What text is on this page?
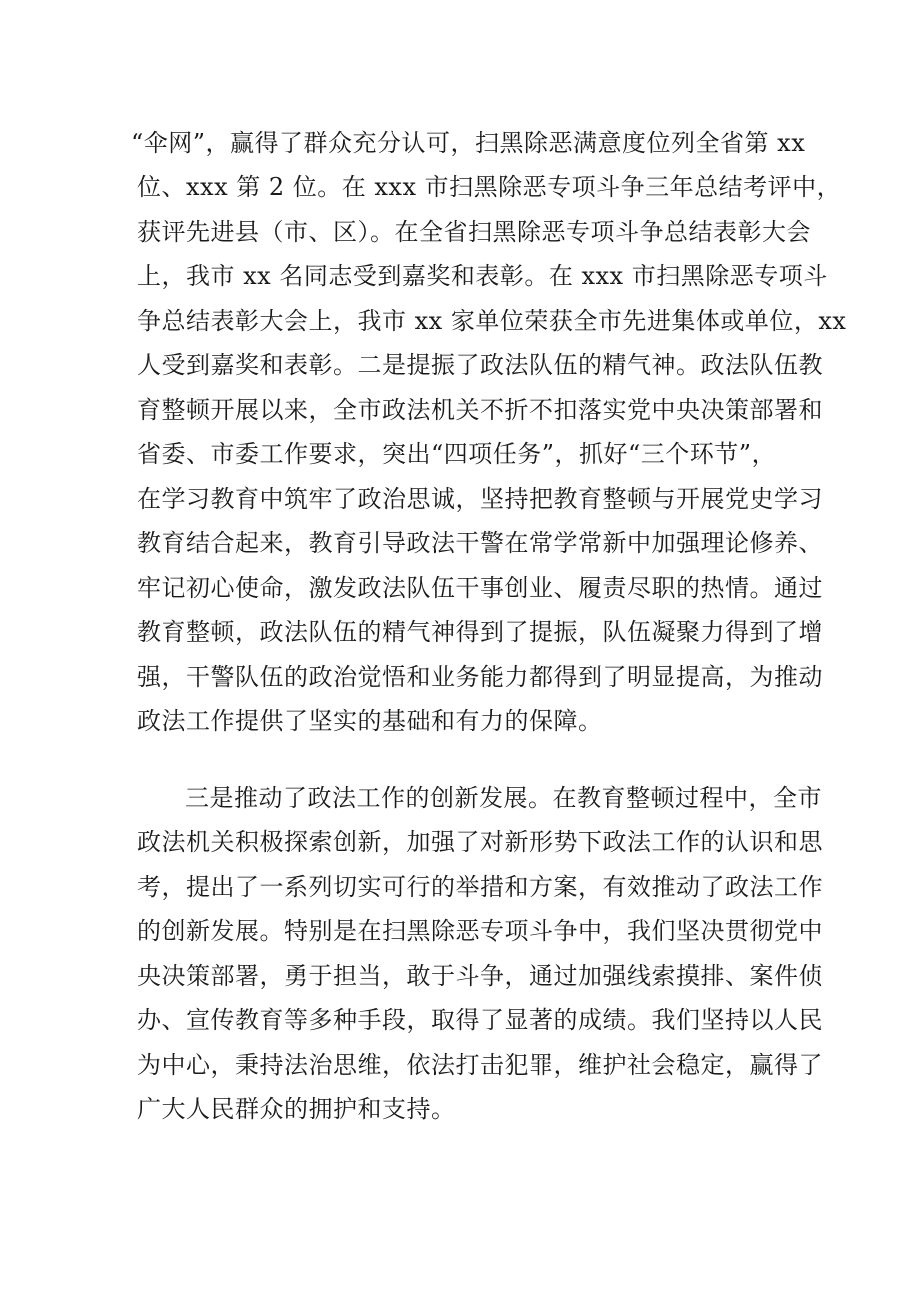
“伞网”，赢得了群众充分认可，扫黑除恶满意度位列全省第 xx
位、xxx 第 2 位。在 xxx 市扫黑除恶专项斗争三年总结考评中，
获评先进县（市、区）。在全省扫黑除恶专项斗争总结表彰大会
上，我市 xx 名同志受到嘉奖和表彰。在 xxx 市扫黑除恶专项斗
争总结表彰大会上，我市 xx 家单位荣获全市先进集体或单位，xx
人受到嘉奖和表彰。二是提振了政法队伍的精气神。政法队伍教
育整顿开展以来，全市政法机关不折不扣落实党中央决策部署和
省委、市委工作要求，突出“四项任务”，抓好“三个环节”，
在学习教育中筑牢了政治思诚，坚持把教育整顿与开展党史学习
教育结合起来，教育引导政法干警在常学常新中加强理论修养、
牢记初心使命，激发政法队伍干事创业、履责尽职的热情。通过
教育整顿，政法队伍的精气神得到了提振，队伍凝聚力得到了增
强，干警队伍的政治觉悟和业务能力都得到了明显提高，为推动
政法工作提供了坚实的基础和有力的保障。
三是推动了政法工作的创新发展。在教育整顿过程中，全市
政法机关积极探索创新，加强了对新形势下政法工作的认识和思
考，提出了一系列切实可行的举措和方案，有效推动了政法工作
的创新发展。特别是在扫黑除恶专项斗争中，我们坚决贯彻党中
央决策部署，勇于担当，敢于斗争，通过加强线索摸排、案件侦
办、宣传教育等多种手段，取得了显著的成绩。我们坚持以人民
为中心，秉持法治思维，依法打击犯罪，维护社会稳定，赢得了
广大人民群众的拥护和支持。
